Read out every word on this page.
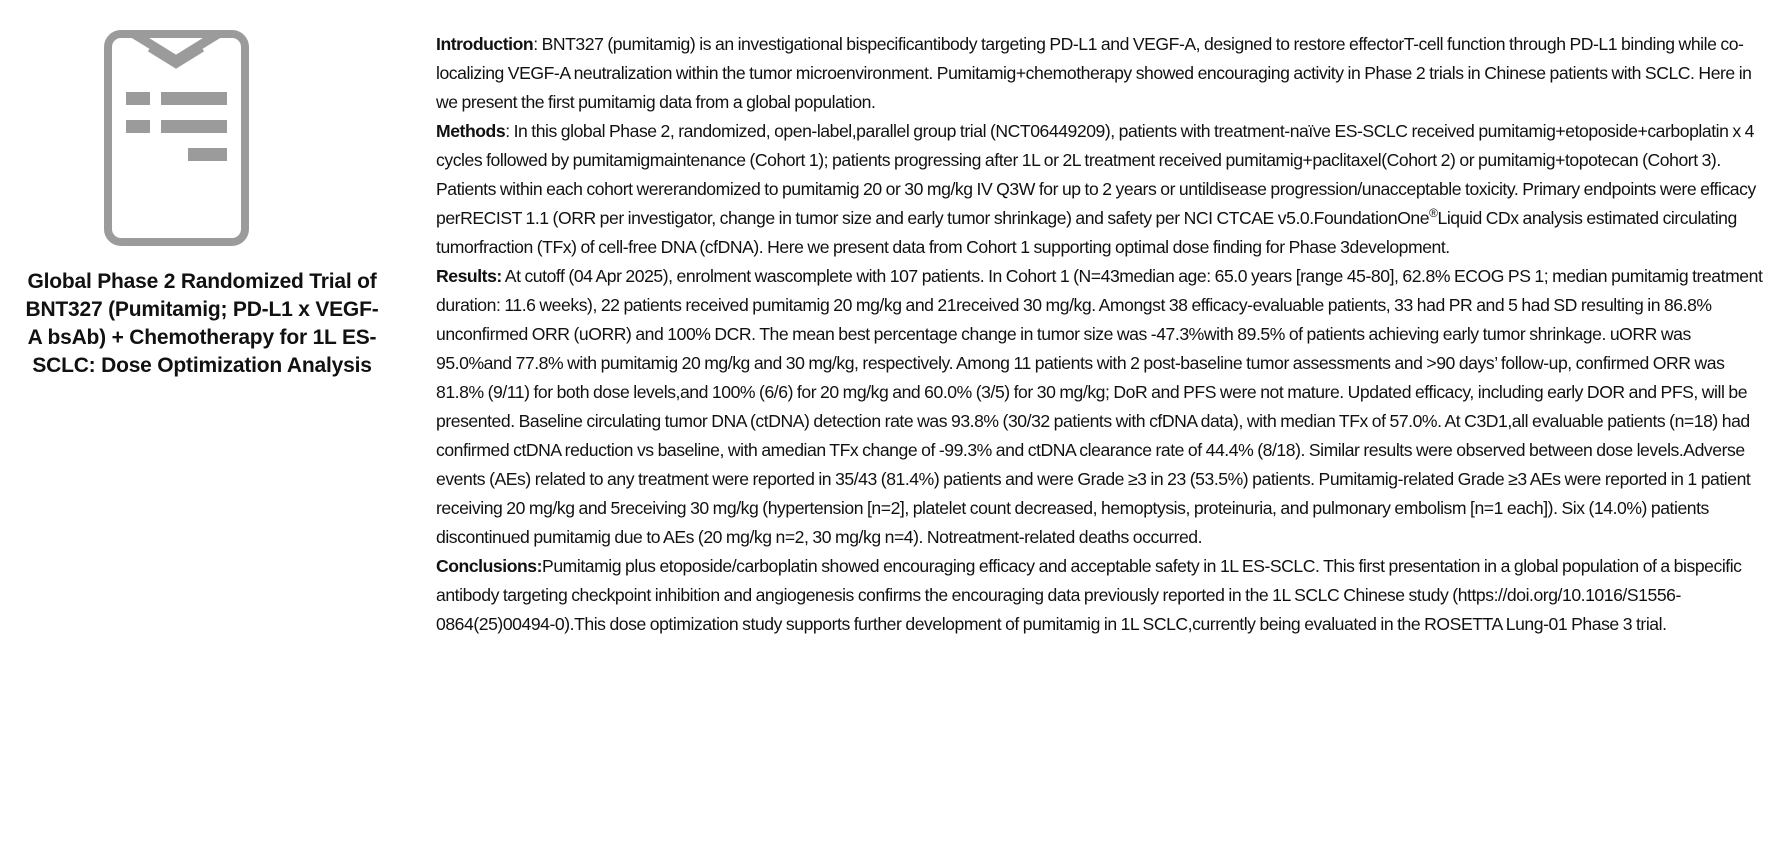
Global Phase 2 Randomized Trial of BNT327 (Pumitamig; PD-L1 x VEGF-A bsAb) + Chemotherapy for 1L ES-SCLC: Dose Optimization Analysis

Introduction: BNT327 (pumitamig) is an investigational bispecificantibody targeting PD-L1 and VEGF-A, designed to restore effectorT-cell function through PD-L1 binding while co-localizing VEGF-A neutralization within the tumor microenvironment. Pumitamig+chemotherapy showed encouraging activity in Phase 2 trials in Chinese patients with SCLC. Here in we present the first pumitamig data from a global population.

Methods: In this global Phase 2, randomized, open-label,parallel group trial (NCT06449209), patients with treatment-naïve ES-SCLC received pumitamig+etoposide+carboplatin x 4 cycles followed by pumitamigmaintenance (Cohort 1); patients progressing after 1L or 2L treatment received pumitamig+paclitaxel(Cohort 2) or pumitamig+topotecan (Cohort 3). Patients within each cohort wererandomized to pumitamig 20 or 30 mg/kg IV Q3W for up to 2 years or untildisease progression/unacceptable toxicity. Primary endpoints were efficacy perRECIST 1.1 (ORR per investigator, change in tumor size and early tumor shrinkage) and safety per NCI CTCAE v5.0.FoundationOne®Liquid CDx analysis estimated circulating tumorfraction (TFx) of cell-free DNA (cfDNA). Here we present data from Cohort 1 supporting optimal dose finding for Phase 3development.

Results: At cutoff (04 Apr 2025), enrolment wascomplete with 107 patients. In Cohort 1 (N=43median age: 65.0 years [range 45-80], 62.8% ECOG PS 1; median pumitamig treatment duration: 11.6 weeks), 22 patients received pumitamig 20 mg/kg and 21received 30 mg/kg. Amongst 38 efficacy-evaluable patients, 33 had PR and 5 had SD resulting in 86.8% unconfirmed ORR (uORR) and 100% DCR. The mean best percentage change in tumor size was -47.3%with 89.5% of patients achieving early tumor shrinkage. uORR was 95.0%and 77.8% with pumitamig 20 mg/kg and 30 mg/kg, respectively. Among 11 patients with 2 post-baseline tumor assessments and >90 days’ follow-up, confirmed ORR was 81.8% (9/11) for both dose levels,and 100% (6/6) for 20 mg/kg and 60.0% (3/5) for 30 mg/kg; DoR and PFS were not mature. Updated efficacy, including early DOR and PFS, will be presented. Baseline circulating tumor DNA (ctDNA) detection rate was 93.8% (30/32 patients with cfDNA data), with median TFx of 57.0%. At C3D1,all evaluable patients (n=18) had confirmed ctDNA reduction vs baseline, with amedian TFx change of -99.3% and ctDNA clearance rate of 44.4% (8/18). Similar results were observed between dose levels.Adverse events (AEs) related to any treatment were reported in 35/43 (81.4%) patients and were Grade ≥3 in 23 (53.5%) patients. Pumitamig-related Grade ≥3 AEs were reported in 1 patient receiving 20 mg/kg and 5receiving 30 mg/kg (hypertension [n=2], platelet count decreased, hemoptysis, proteinuria, and pulmonary embolism [n=1 each]). Six (14.0%) patients discontinued pumitamig due to AEs (20 mg/kg n=2, 30 mg/kg n=4). Notreatment-related deaths occurred.

Conclusions:Pumitamig plus etoposide/carboplatin showed encouraging efficacy and acceptable safety in 1L ES-SCLC. This first presentation in a global population of a bispecific antibody targeting checkpoint inhibition and angiogenesis confirms the encouraging data previously reported in the 1L SCLC Chinese study (https://doi.org/10.1016/S1556-0864(25)00494-0).This dose optimization study supports further development of pumitamig in 1L SCLC,currently being evaluated in the ROSETTA Lung-01 Phase 3 trial.
